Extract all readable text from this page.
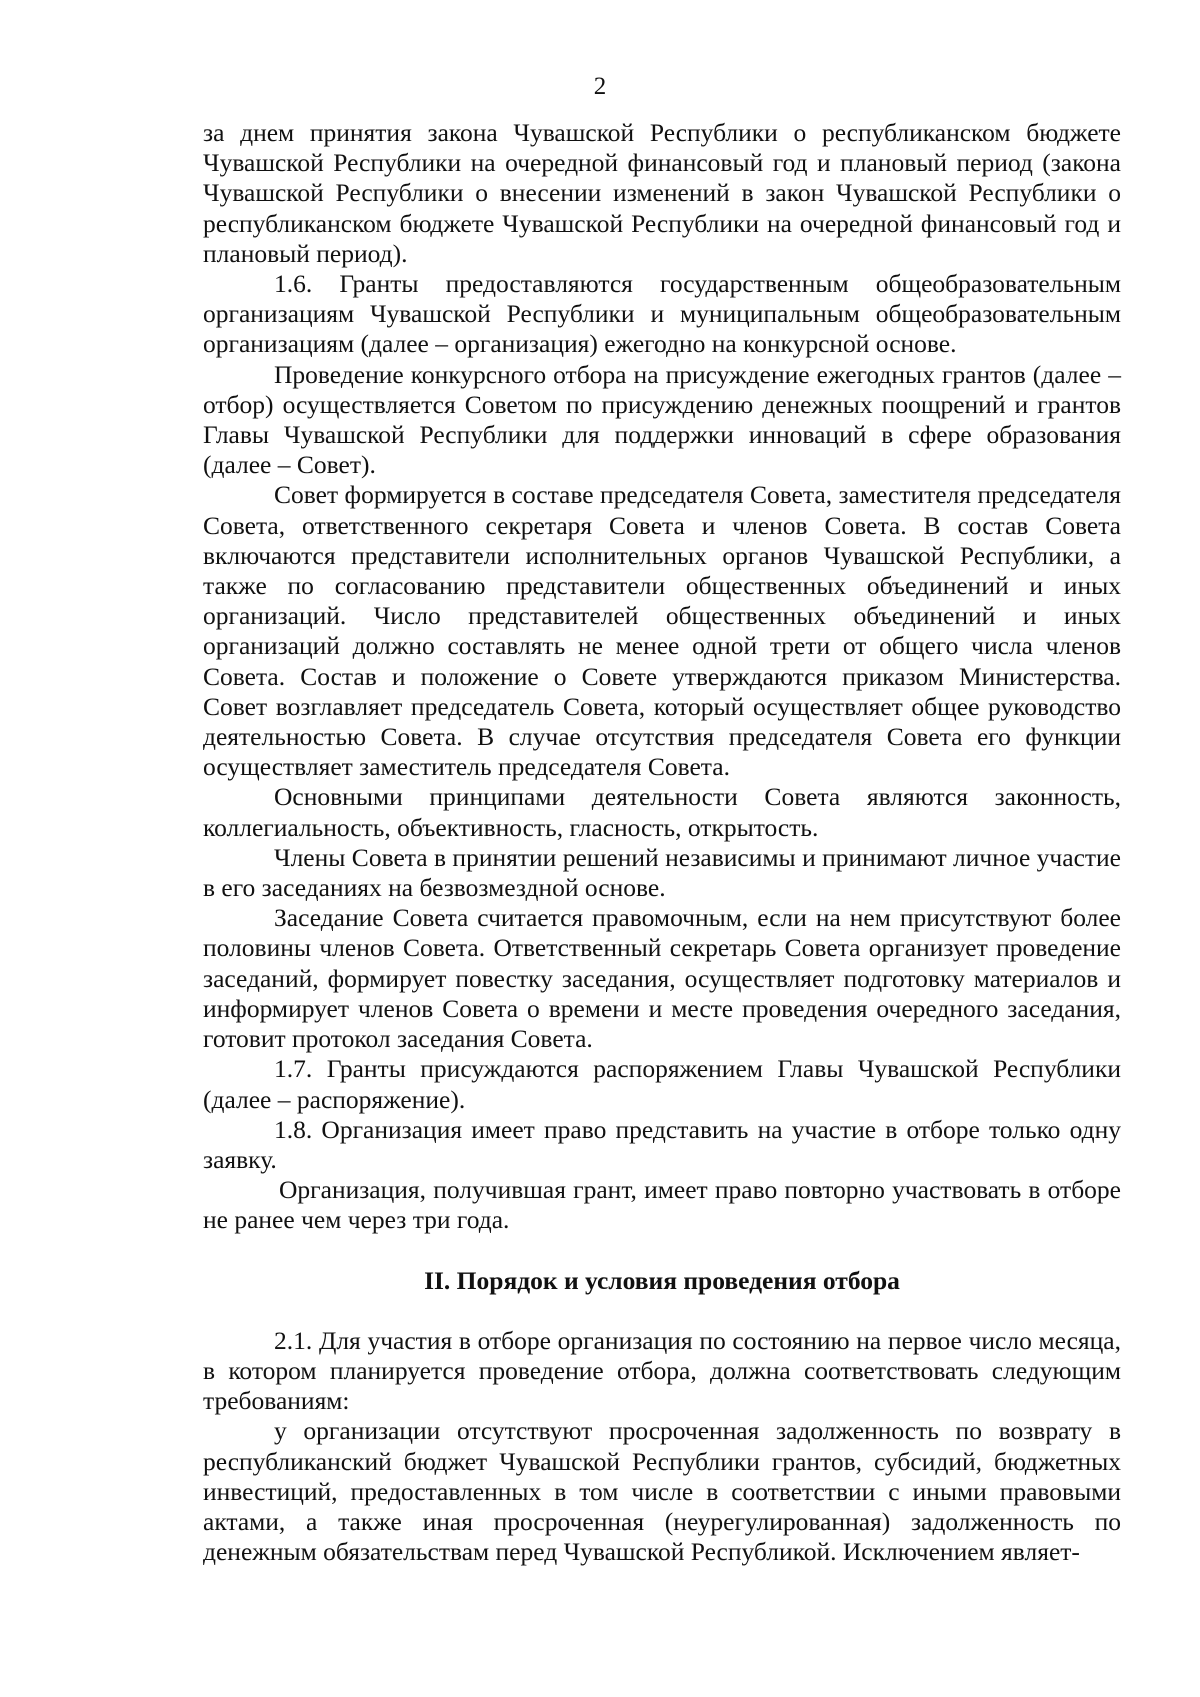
2

за днем принятия закона Чувашской Республики о республиканском бюджете Чувашской Республики на очередной финансовый год и плановый период (закона Чувашской Республики о внесении изменений в закон Чувашской Республики о республиканском бюджете Чувашской Республики на очередной финансовый год и плановый период).

1.6. Гранты предоставляются государственным общеобразовательным организациям Чувашской Республики и муниципальным общеобразовательным организациям (далее – организация) ежегодно на конкурсной основе.

Проведение конкурсного отбора на присуждение ежегодных грантов (далее – отбор) осуществляется Советом по присуждению денежных поощрений и грантов Главы Чувашской Республики для поддержки инноваций в сфере образования (далее – Совет).

Совет формируется в составе председателя Совета, заместителя председателя Совета, ответственного секретаря Совета и членов Совета. В состав Совета включаются представители исполнительных органов Чувашской Республики, а также по согласованию представители общественных объединений и иных организаций. Число представителей общественных объединений и иных организаций должно составлять не менее одной трети от общего числа членов Совета. Состав и положение о Совете утверждаются приказом Министерства. Совет возглавляет председатель Совета, который осуществляет общее руководство деятельностью Совета. В случае отсутствия председателя Совета его функции осуществляет заместитель председателя Совета.

Основными принципами деятельности Совета являются законность, коллегиальность, объективность, гласность, открытость.

Члены Совета в принятии решений независимы и принимают личное участие в его заседаниях на безвозмездной основе.

Заседание Совета считается правомочным, если на нем присутствуют более половины членов Совета. Ответственный секретарь Совета организует проведение заседаний, формирует повестку заседания, осуществляет подготовку материалов и информирует членов Совета о времени и месте проведения очередного заседания, готовит протокол заседания Совета.

1.7. Гранты присуждаются распоряжением Главы Чувашской Республики (далее – распоряжение).

1.8. Организация имеет право представить на участие в отборе только одну заявку.

Организация, получившая грант, имеет право повторно участвовать в отборе не ранее чем через три года.

II. Порядок и условия проведения отбора

2.1. Для участия в отборе организация по состоянию на первое число месяца, в котором планируется проведение отбора, должна соответствовать следующим требованиям:

у организации отсутствуют просроченная задолженность по возврату в республиканский бюджет Чувашской Республики грантов, субсидий, бюджетных инвестиций, предоставленных в том числе в соответствии с иными правовыми актами, а также иная просроченная (неурегулированная) задолженность по денежным обязательствам перед Чувашской Республикой. Исключением являет-
